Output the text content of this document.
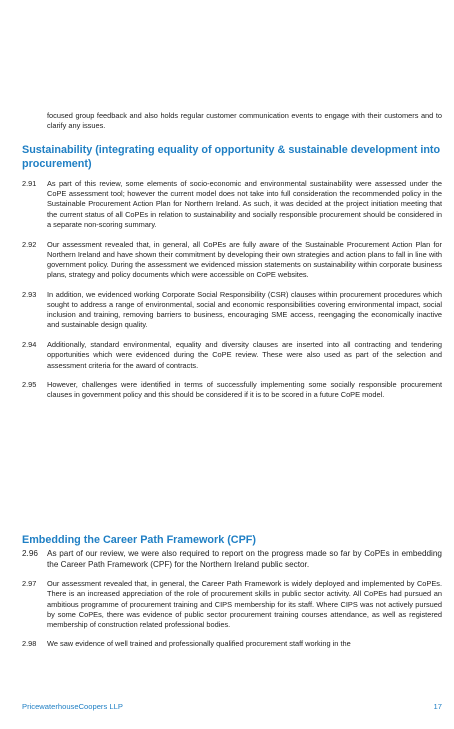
focused group feedback and also holds regular customer communication events to engage with their customers and to clarify any issues.
Sustainability (integrating equality of opportunity & sustainable development into procurement)
2.91	As part of this review, some elements of socio-economic and environmental sustainability were assessed under the CoPE assessment tool; however the current model does not take into full consideration the recommended policy in the Sustainable Procurement Action Plan for Northern Ireland. As such, it was decided at the project initiation meeting that the current status of all CoPEs in relation to sustainability and socially responsible procurement should be considered in a separate non-scoring summary.
2.92	Our assessment revealed that, in general, all CoPEs are fully aware of the Sustainable Procurement Action Plan for Northern Ireland and have shown their commitment by developing their own strategies and action plans to fall in line with government policy. During the assessment we evidenced mission statements on sustainability within corporate business plans, strategy and policy documents which were accessible on CoPE websites.
2.93	In addition, we evidenced working Corporate Social Responsibility (CSR) clauses within procurement procedures which sought to address a range of environmental, social and economic responsibilities covering environmental impact, social inclusion and training, removing barriers to business, encouraging SME access, reengaging the economically inactive and sustainable design quality.
2.94	Additionally, standard environmental, equality and diversity clauses are inserted into all contracting and tendering opportunities which were evidenced during the CoPE review. These were also used as part of the selection and assessment criteria for the award of contracts.
2.95	However, challenges were identified in terms of successfully implementing some socially responsible procurement clauses in government policy and this should be considered if it is to be scored in a future CoPE model.
Embedding the Career Path Framework (CPF)
2.96	As part of our review, we were also required to report on the progress made so far by CoPEs in embedding the Career Path Framework (CPF) for the Northern Ireland public sector.
2.97	Our assessment revealed that, in general, the Career Path Framework is widely deployed and implemented by CoPEs. There is an increased appreciation of the role of procurement skills in public sector activity. All CoPEs had pursued an ambitious programme of procurement training and CIPS membership for its staff. Where CIPS was not actively pursued by some CoPEs, there was evidence of public sector procurement training courses attendance, as well as registered membership of construction related professional bodies.
2.98	We saw evidence of well trained and professionally qualified procurement staff working in the
PricewaterhouseCoopers LLP	17
